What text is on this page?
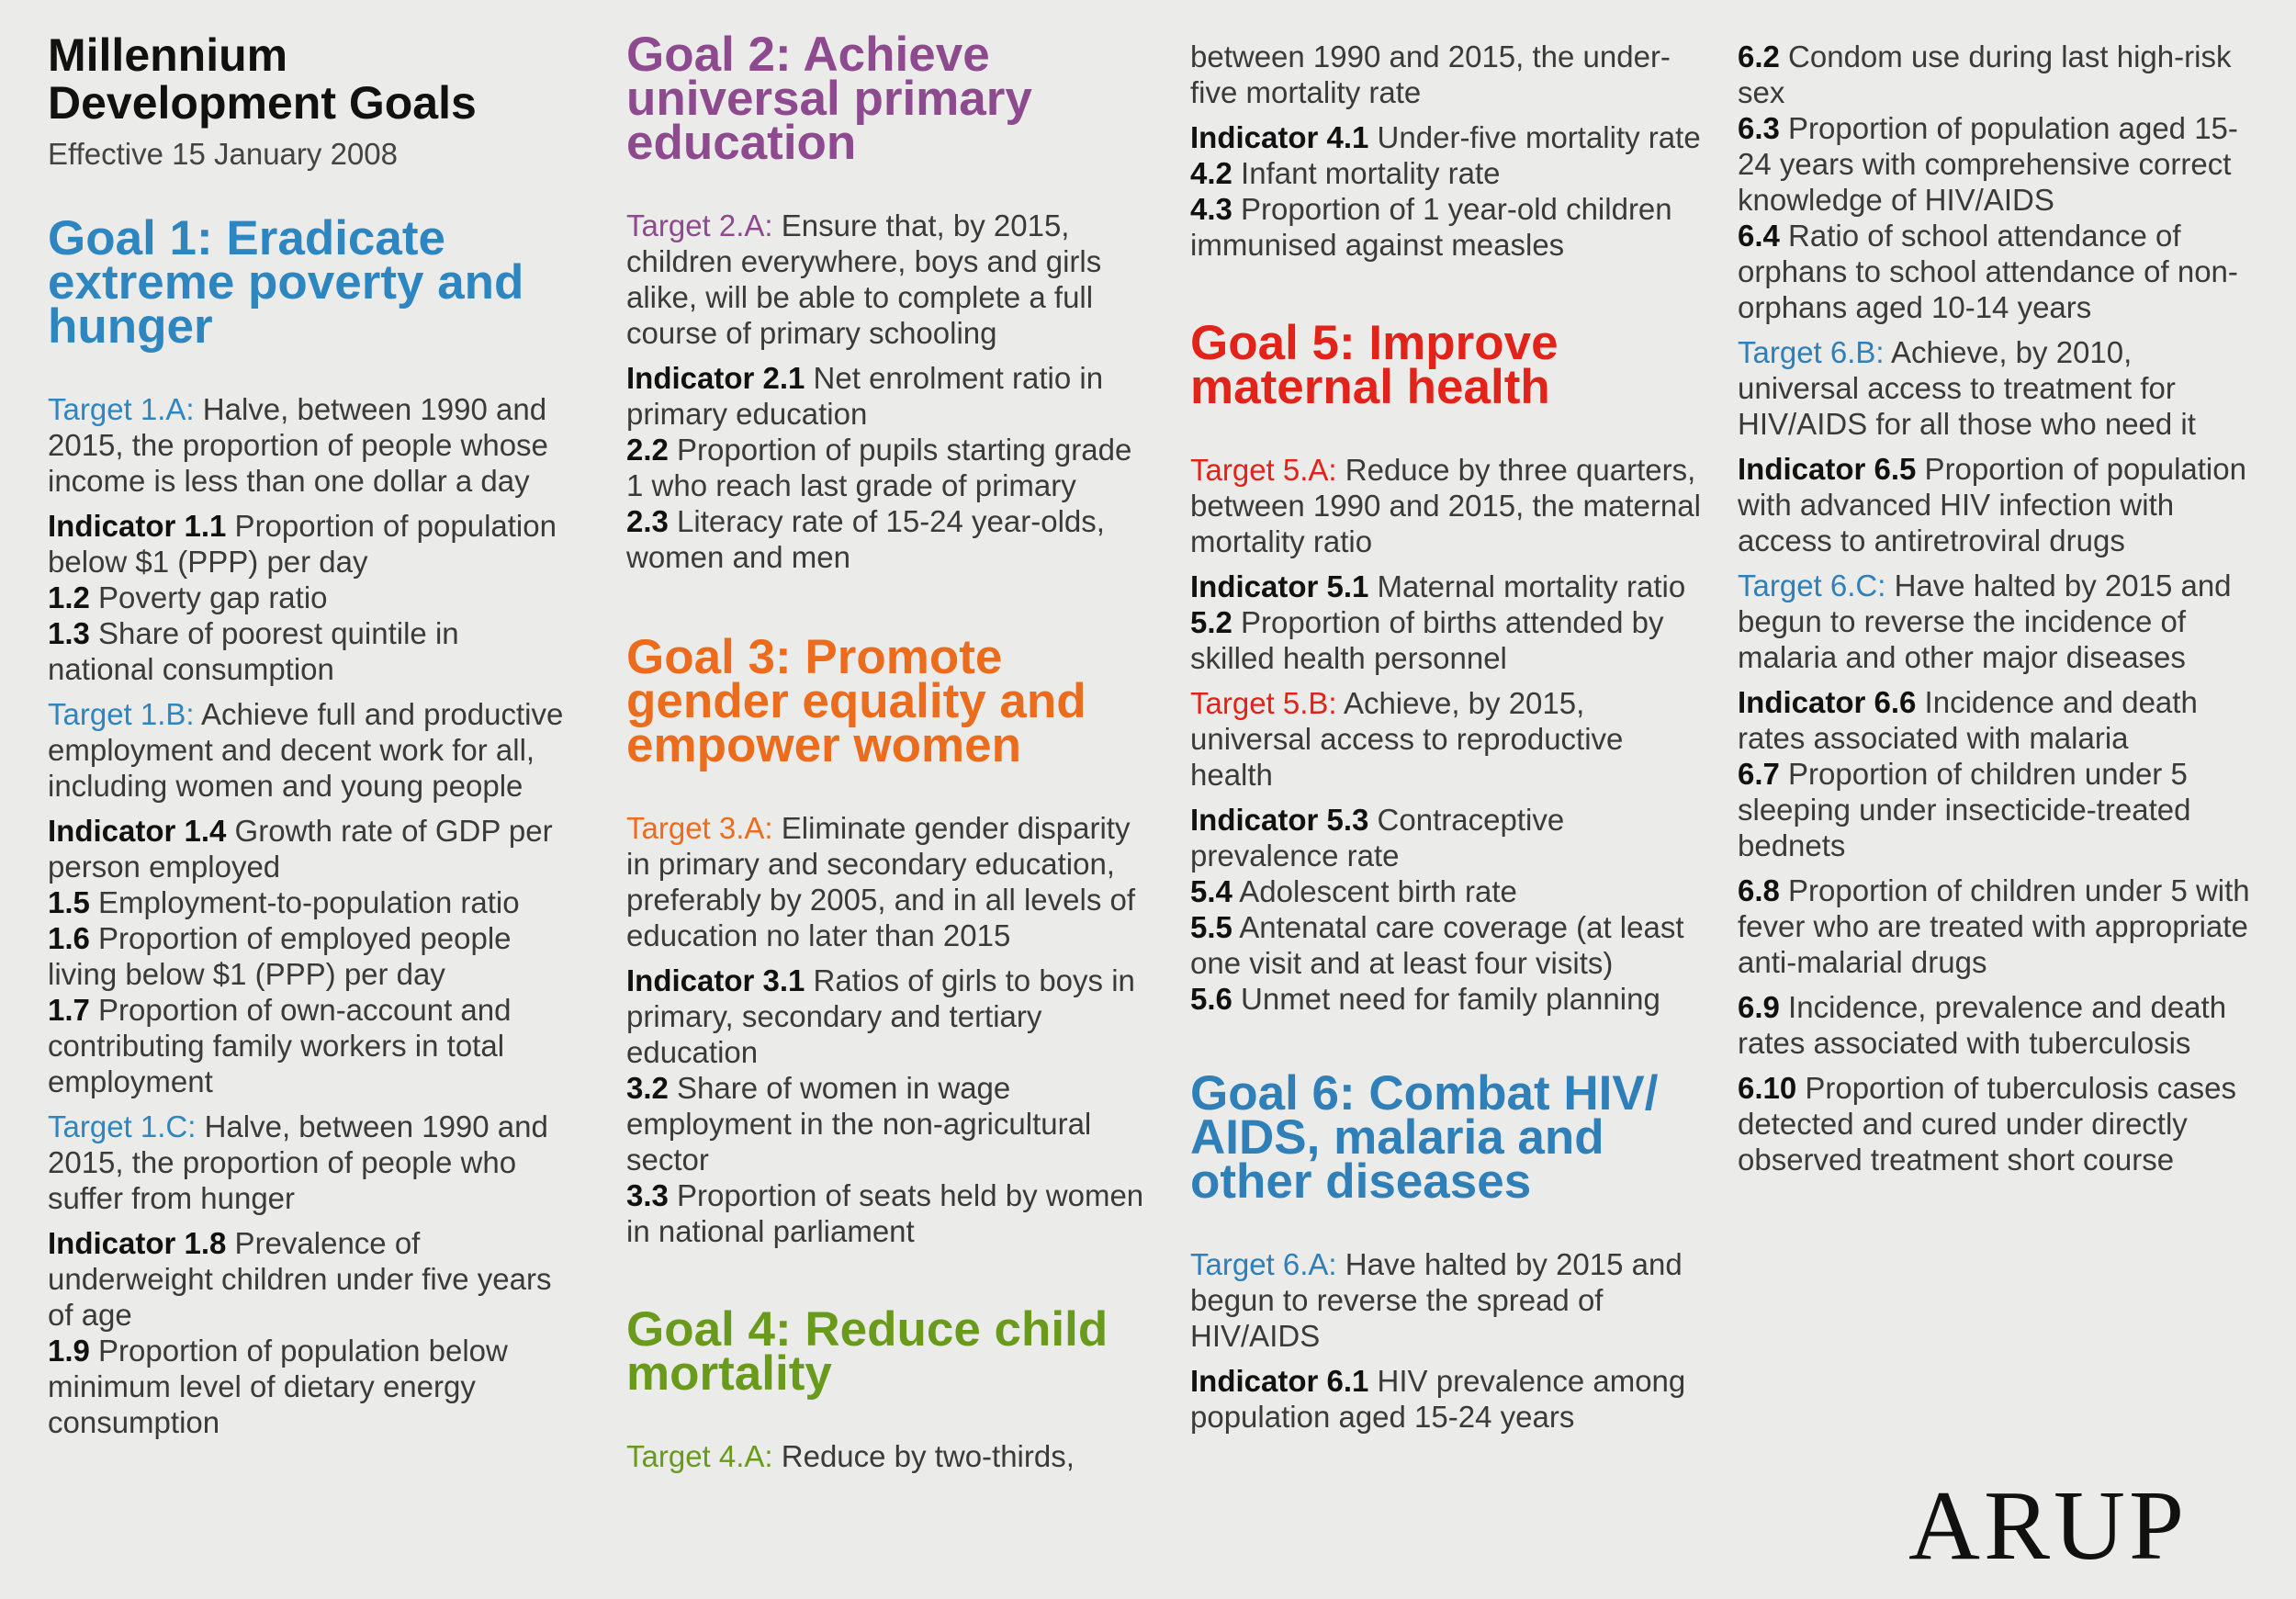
Millennium
Development Goals
Effective 15 January 2008
Goal 1: Eradicate extreme poverty and hunger
Target 1.A: Halve, between 1990 and 2015, the proportion of people whose income is less than one dollar a day
Indicator 1.1 Proportion of population below $1 (PPP) per day
1.2 Poverty gap ratio
1.3 Share of poorest quintile in national consumption
Target 1.B: Achieve full and productive employment and decent work for all, including women and young people
Indicator 1.4 Growth rate of GDP per person employed
1.5 Employment-to-population ratio
1.6 Proportion of employed people living below $1 (PPP) per day
1.7 Proportion of own-account and contributing family workers in total employment
Target 1.C: Halve, between 1990 and 2015, the proportion of people who suffer from hunger
Indicator 1.8 Prevalence of underweight children under five years of age
1.9 Proportion of population below minimum level of dietary energy consumption
Goal 2: Achieve universal primary education
Target 2.A: Ensure that, by 2015, children everywhere, boys and girls alike, will be able to complete a full course of primary schooling
Indicator 2.1 Net enrolment ratio in primary education
2.2 Proportion of pupils starting grade 1 who reach last grade of primary
2.3 Literacy rate of 15-24 year-olds, women and men
Goal 3: Promote gender equality and empower women
Target 3.A: Eliminate gender disparity in primary and secondary education, preferably by 2005, and in all levels of education no later than 2015
Indicator 3.1 Ratios of girls to boys in primary, secondary and tertiary education
3.2 Share of women in wage employment in the non-agricultural sector
3.3 Proportion of seats held by women in national parliament
Goal 4: Reduce child mortality
Target 4.A: Reduce by two-thirds,
between 1990 and 2015, the under-five mortality rate
Indicator 4.1 Under-five mortality rate
4.2 Infant mortality rate
4.3 Proportion of 1 year-old children immunised against measles
Goal 5: Improve maternal health
Target 5.A: Reduce by three quarters, between 1990 and 2015, the maternal mortality ratio
Indicator 5.1 Maternal mortality ratio
5.2 Proportion of births attended by skilled health personnel
Target 5.B: Achieve, by 2015, universal access to reproductive health
Indicator 5.3 Contraceptive prevalence rate
5.4 Adolescent birth rate
5.5 Antenatal care coverage (at least one visit and at least four visits)
5.6 Unmet need for family planning
Goal 6: Combat HIV/ AIDS, malaria and other diseases
Target 6.A: Have halted by 2015 and begun to reverse the spread of HIV/AIDS
Indicator 6.1 HIV prevalence among population aged 15-24 years
6.2 Condom use during last high-risk sex
6.3 Proportion of population aged 15-24 years with comprehensive correct knowledge of HIV/AIDS
6.4 Ratio of school attendance of orphans to school attendance of non-orphans aged 10-14 years
Target 6.B: Achieve, by 2010, universal access to treatment for HIV/AIDS for all those who need it
Indicator 6.5 Proportion of population with advanced HIV infection with access to antiretroviral drugs
Target 6.C: Have halted by 2015 and begun to reverse the incidence of malaria and other major diseases
Indicator 6.6 Incidence and death rates associated with malaria
6.7 Proportion of children under 5 sleeping under insecticide-treated bednets
6.8 Proportion of children under 5 with fever who are treated with appropriate anti-malarial drugs
6.9 Incidence, prevalence and death rates associated with tuberculosis
6.10 Proportion of tuberculosis cases detected and cured under directly observed treatment short course
ARUP
